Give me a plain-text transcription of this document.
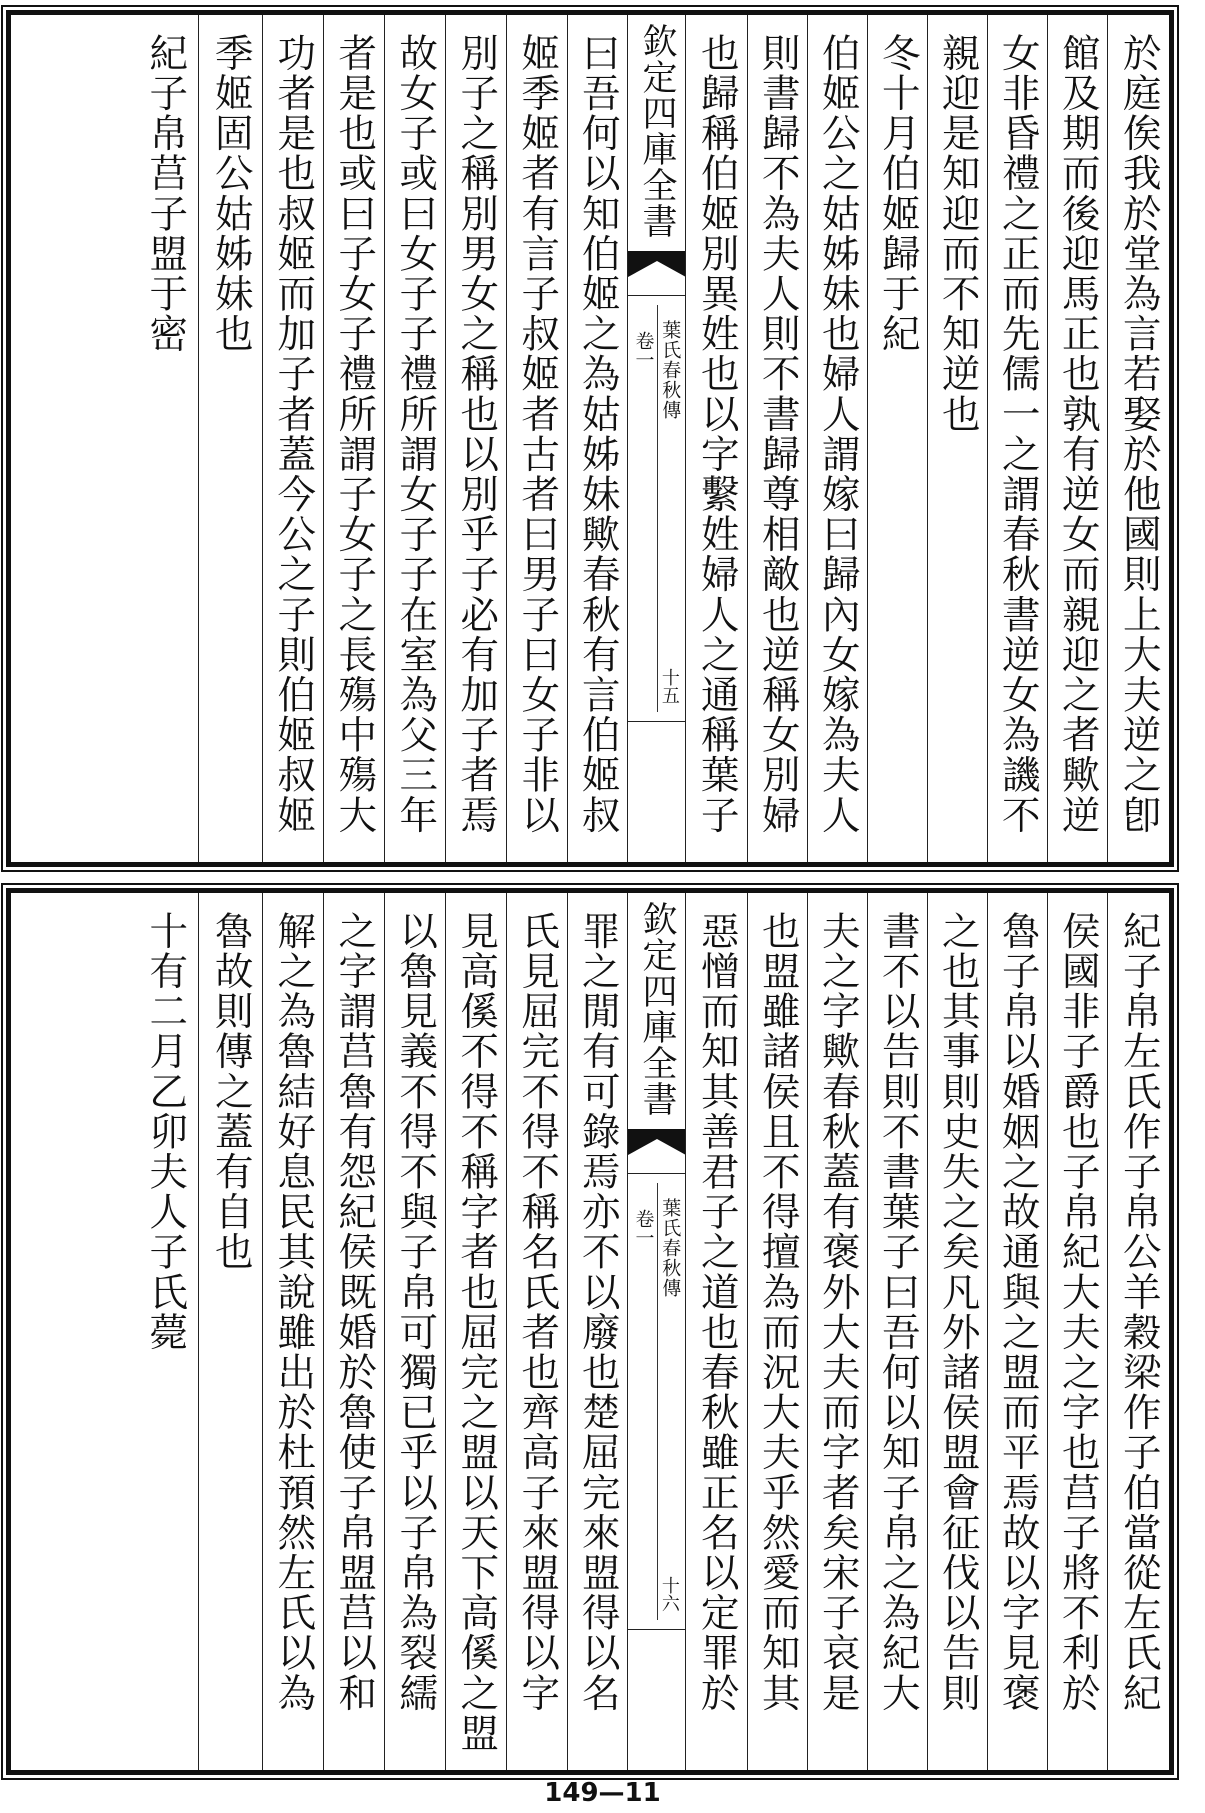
於庭俟我於堂為言若娶於他國則上大夫逆之卽
館及期而後迎馬正也孰有逆女而親迎之者歟逆
女非昏禮之正而先儒一之謂春秋書逆女為譏不
親迎是知迎而不知逆也
冬十月伯姬歸于紀
伯姬公之姑姊妹也婦人謂嫁曰歸內女嫁為夫人
則書歸不為夫人則不書歸尊相敵也逆稱女別婦
也歸稱伯姬別異姓也以字繫姓婦人之通稱葉子
欽定四庫全書
葉氏春秋傳
卷一
十五
曰吾何以知伯姬之為姑姊妹歟春秋有言伯姬叔
姬季姬者有言子叔姬者古者曰男子曰女子非以
別子之稱別男女之稱也以別乎子必有加子者焉
故女子或曰女子子禮所謂女子子在室為父三年
者是也或曰子女子禮所謂子女子之長殤中殤大
功者是也叔姬而加子者蓋今公之子則伯姬叔姬
季姬固公姑姊妹也
紀子帛莒子盟于密
紀子帛左氏作子帛公羊穀梁作子伯當從左氏紀
侯國非子爵也子帛紀大夫之字也莒子將不利於
魯子帛以婚姻之故通與之盟而平焉故以字見褒
之也其事則史失之矣凡外諸侯盟會征伐以告則
書不以告則不書葉子曰吾何以知子帛之為紀大
夫之字歟春秋蓋有褒外大夫而字者矣宋子哀是
也盟雖諸侯且不得擅為而況大夫乎然愛而知其
惡憎而知其善君子之道也春秋雖正名以定罪於
欽定四庫全書
葉氏春秋傳
卷一
十六
罪之閒有可錄焉亦不以廢也楚屈完來盟得以名
氏見屈完不得不稱名氏者也齊高子來盟得以字
見高傒不得不稱字者也屈完之盟以天下高傒之盟
以魯見義不得不與子帛可獨已乎以子帛為裂繻
之字謂莒魯有怨紀侯既婚於魯使子帛盟莒以和
解之為魯結好息民其說雖出於杜預然左氏以為
魯故則傳之蓋有自也
十有二月乙卯夫人子氏薨
149—11
